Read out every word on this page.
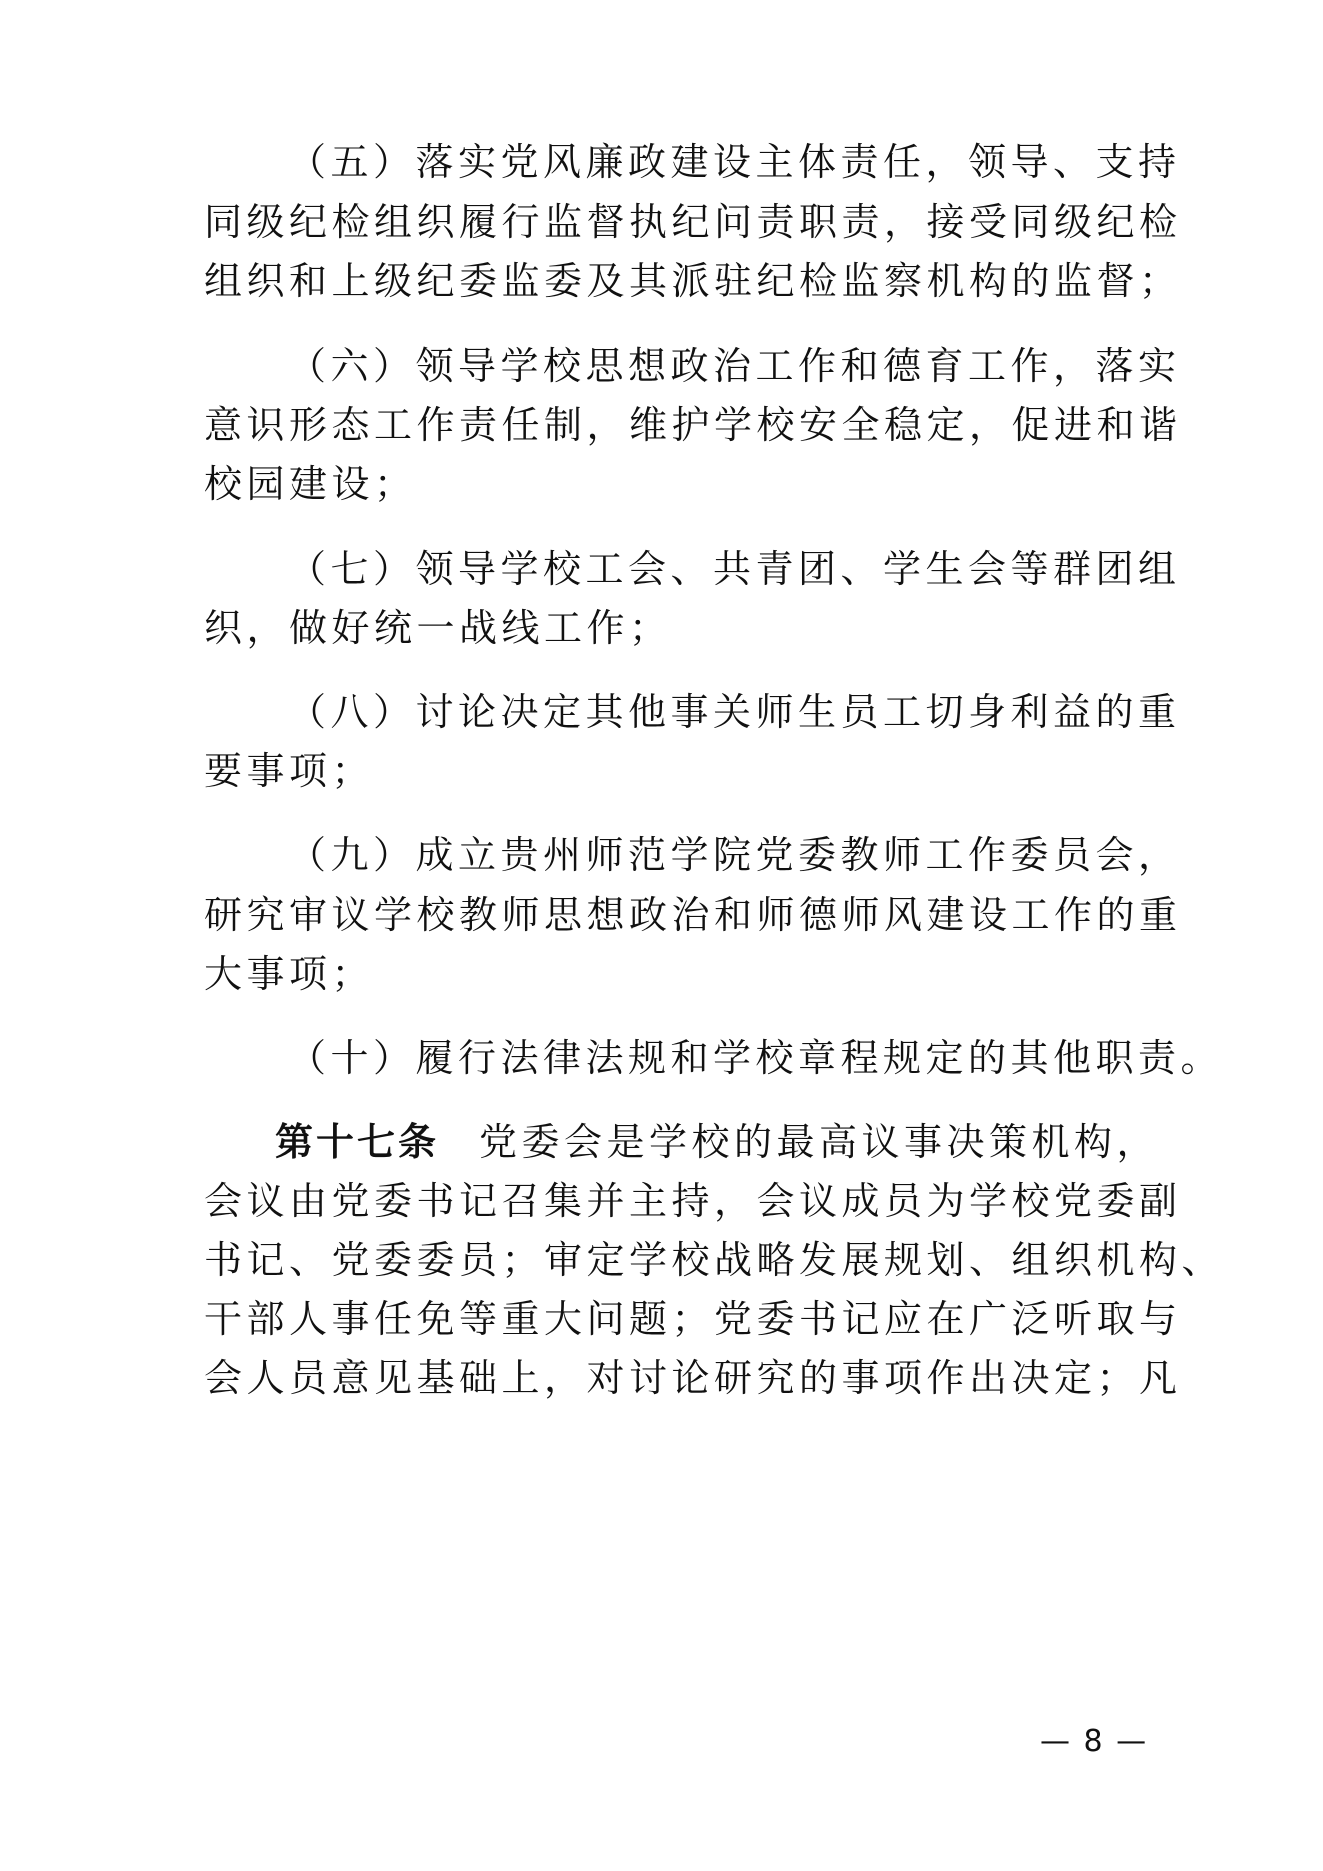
（五）落实党风廉政建设主体责任，领导、支持
同级纪检组织履行监督执纪问责职责，接受同级纪检
组织和上级纪委监委及其派驻纪检监察机构的监督；
（六）领导学校思想政治工作和德育工作，落实
意识形态工作责任制，维护学校安全稳定，促进和谐
校园建设；
（七）领导学校工会、共青团、学生会等群团组
织，做好统一战线工作；
（八）讨论决定其他事关师生员工切身利益的重
要事项；
（九）成立贵州师范学院党委教师工作委员会，
研究审议学校教师思想政治和师德师风建设工作的重
大事项；
（十）履行法律法规和学校章程规定的其他职责。
第十七条 党委会是学校的最高议事决策机构，
会议由党委书记召集并主持，会议成员为学校党委副
书记、党委委员；审定学校战略发展规划、组织机构、
干部人事任免等重大问题；党委书记应在广泛听取与
会人员意见基础上，对讨论研究的事项作出决定；凡
— 8 —
